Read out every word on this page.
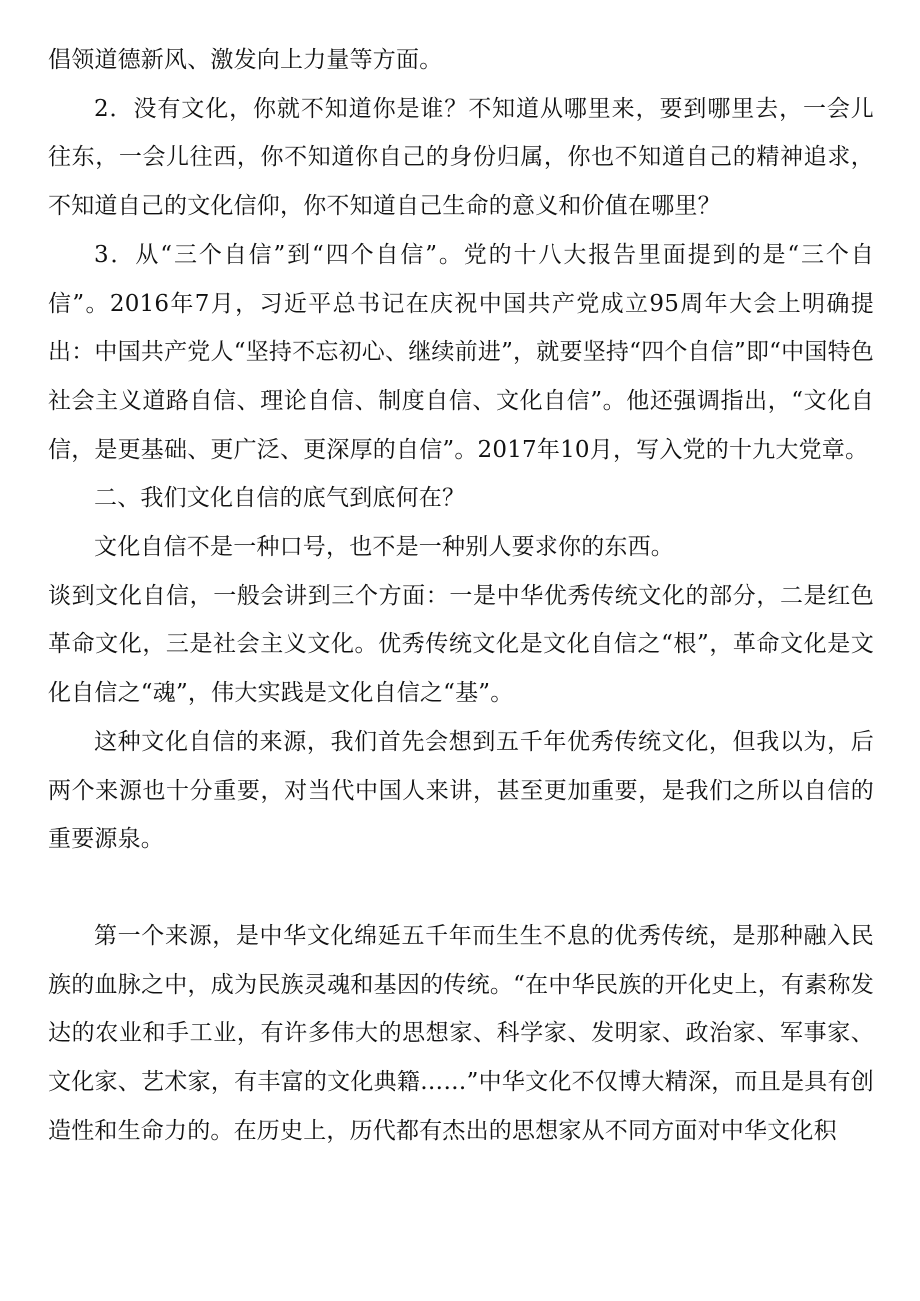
倡领道德新风、激发向上力量等方面。

2．没有文化，你就不知道你是谁？不知道从哪里来，要到哪里去，一会儿往东，一会儿往西，你不知道你自己的身份归属，你也不知道自己的精神追求，不知道自己的文化信仰，你不知道自己生命的意义和价值在哪里？

3．从“三个自信”到“四个自信”。党的十八大报告里面提到的是“三个自信”。2016年7月，习近平总书记在庆祝中国共产党成立95周年大会上明确提出：中国共产党人“坚持不忘初心、继续前进”，就要坚持“四个自信”即“中国特色社会主义道路自信、理论自信、制度自信、文化自信”。他还强调指出，“文化自信，是更基础、更广泛、更深厚的自信”。2017年10月，写入党的十九大党章。

二、我们文化自信的底气到底何在？

文化自信不是一种口号，也不是一种别人要求你的东西。

谈到文化自信，一般会讲到三个方面：一是中华优秀传统文化的部分，二是红色革命文化，三是社会主义文化。优秀传统文化是文化自信之“根”，革命文化是文化自信之“魂”，伟大实践是文化自信之“基”。

这种文化自信的来源，我们首先会想到五千年优秀传统文化，但我以为，后两个来源也十分重要，对当代中国人来讲，甚至更加重要，是我们之所以自信的重要源泉。

第一个来源，是中华文化绵延五千年而生生不息的优秀传统，是那种融入民族的血脉之中，成为民族灵魂和基因的传统。“在中华民族的开化史上，有素称发达的农业和手工业，有许多伟大的思想家、科学家、发明家、政治家、军事家、文化家、艺术家，有丰富的文化典籍……”中华文化不仅博大精深，而且是具有创造性和生命力的。在历史上，历代都有杰出的思想家从不同方面对中华文化积
